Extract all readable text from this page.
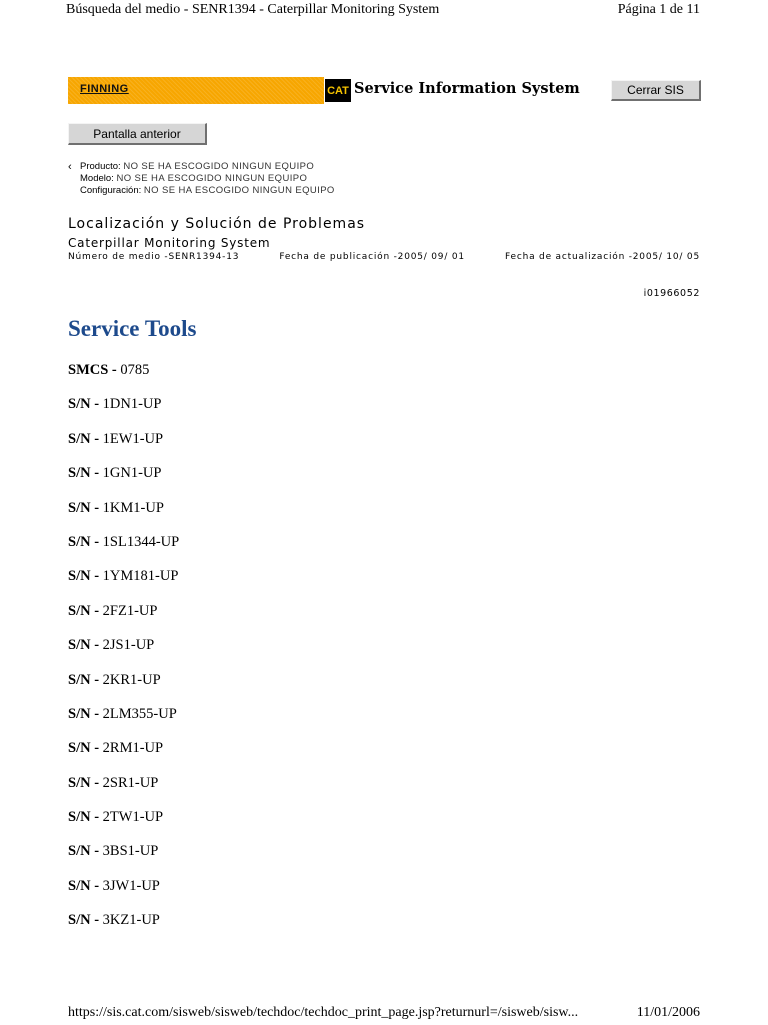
Búsqueda del medio - SENR1394 - Caterpillar Monitoring System	Página 1 de 11
FINNING	CAT Service Information System	Cerrar SIS
Pantalla anterior
‹ Producto: NO SE HA ESCOGIDO NINGUN EQUIPO
Modelo: NO SE HA ESCOGIDO NINGUN EQUIPO
Configuración: NO SE HA ESCOGIDO NINGUN EQUIPO
Localización y Solución de Problemas
Caterpillar Monitoring System
Número de medio -SENR1394-13	Fecha de publicación -2005/ 09/ 01	Fecha de actualización -2005/ 10/ 05
i01966052
Service Tools
SMCS - 0785
S/N - 1DN1-UP
S/N - 1EW1-UP
S/N - 1GN1-UP
S/N - 1KM1-UP
S/N - 1SL1344-UP
S/N - 1YM181-UP
S/N - 2FZ1-UP
S/N - 2JS1-UP
S/N - 2KR1-UP
S/N - 2LM355-UP
S/N - 2RM1-UP
S/N - 2SR1-UP
S/N - 2TW1-UP
S/N - 3BS1-UP
S/N - 3JW1-UP
S/N - 3KZ1-UP
https://sis.cat.com/sisweb/sisweb/techdoc/techdoc_print_page.jsp?returnurl=/sisweb/sisw...	11/01/2006
